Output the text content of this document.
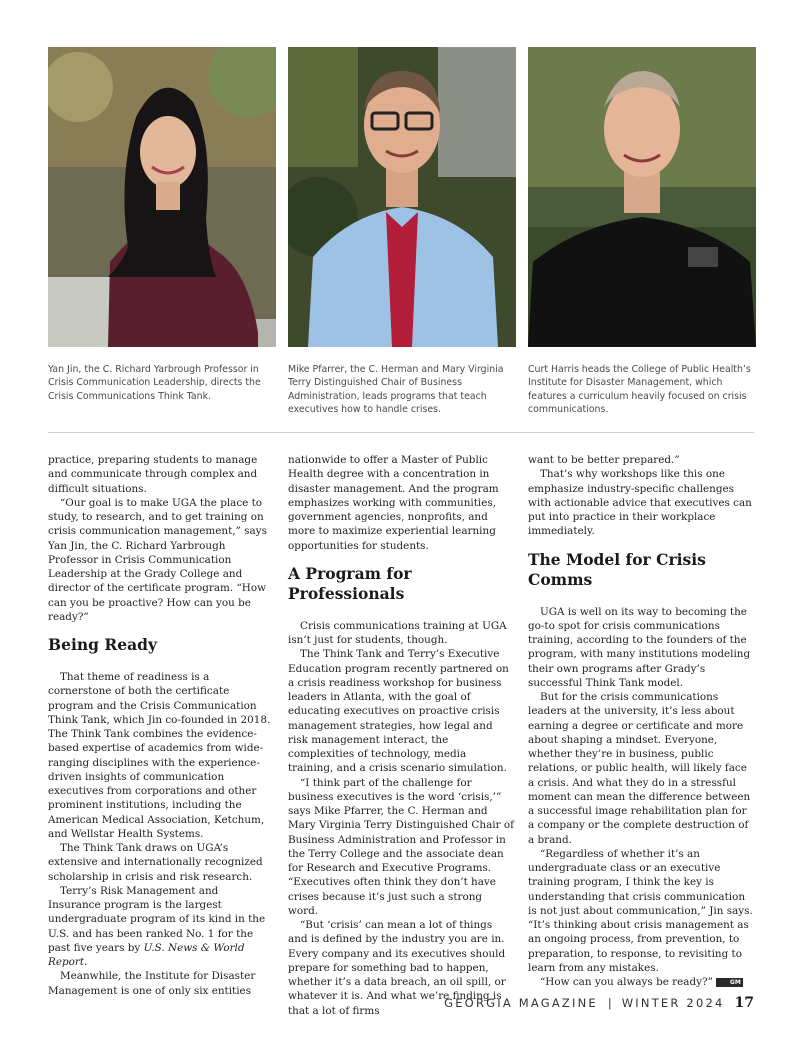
Yan Jin, the C. Richard Yarbrough Professor in Crisis Communication Leadership, directs the Crisis Communications Think Tank.
Mike Pfarrer, the C. Herman and Mary Virginia Terry Distinguished Chair of Business Administration, leads programs that teach executives how to handle crises.
Curt Harris heads the College of Public Health’s Institute for Disaster Management, which features a curriculum heavily focused on crisis communications.

practice, preparing students to manage and communicate through complex and difficult situations.

“Our goal is to make UGA the place to study, to research, and to get training on crisis communication management,” says Yan Jin, the C. Richard Yarbrough Professor in Crisis Communication Leadership at the Grady College and director of the certificate program. “How can you be proactive? How can you be ready?”

Being Ready

That theme of readiness is a cornerstone of both the certificate program and the Crisis Communication Think Tank, which Jin co-founded in 2018. The Think Tank combines the evidence-based expertise of academics from wide-ranging disciplines with the experience-driven insights of communication executives from corporations and other prominent institutions, including the American Medical Association, Ketchum, and Wellstar Health Systems.

The Think Tank draws on UGA’s extensive and internationally recognized scholarship in crisis and risk research.

Terry’s Risk Management and Insurance program is the largest undergraduate program of its kind in the U.S. and has been ranked No. 1 for the past five years by U.S. News & World Report.

Meanwhile, the Institute for Disaster Management is one of only six entities

nationwide to offer a Master of Public Health degree with a concentration in disaster management. And the program emphasizes working with communities, government agencies, nonprofits, and more to maximize experiential learning opportunities for students.

A Program for Professionals

Crisis communications training at UGA isn’t just for students, though.

The Think Tank and Terry’s Executive Education program recently partnered on a crisis readiness workshop for business leaders in Atlanta, with the goal of educating executives on proactive crisis management strategies, how legal and risk management interact, the complexities of technology, media training, and a crisis scenario simulation.

“I think part of the challenge for business executives is the word ‘crisis,’” says Mike Pfarrer, the C. Herman and Mary Virginia Terry Distinguished Chair of Business Administration and Professor in the Terry College and the associate dean for Research and Executive Programs. “Executives often think they don’t have crises because it’s just such a strong word.

“But ‘crisis’ can mean a lot of things and is defined by the industry you are in. Every company and its executives should prepare for something bad to happen, whether it’s a data breach, an oil spill, or whatever it is. And what we’re finding is that a lot of firms

want to be better prepared.”

That’s why workshops like this one emphasize industry-specific challenges with actionable advice that executives can put into practice in their workplace immediately.

The Model for Crisis Comms

UGA is well on its way to becoming the go-to spot for crisis communications training, according to the founders of the program, with many institutions modeling their own programs after Grady’s successful Think Tank model.

But for the crisis communications leaders at the university, it’s less about earning a degree or certificate and more about shaping a mindset. Everyone, whether they’re in business, public relations, or public health, will likely face a crisis. And what they do in a stressful moment can mean the difference between a successful image rehabilitation plan for a company or the complete destruction of a brand.

“Regardless of whether it’s an undergraduate class or an executive training program, I think the key is understanding that crisis communication is not just about communication,” Jin says. “It’s thinking about crisis management as an ongoing process, from prevention, to preparation, to response, to revisiting to learn from any mistakes.

“How can you always be ready?”	GM

GEORGIA MAGAZINE | WINTER 2024 17
